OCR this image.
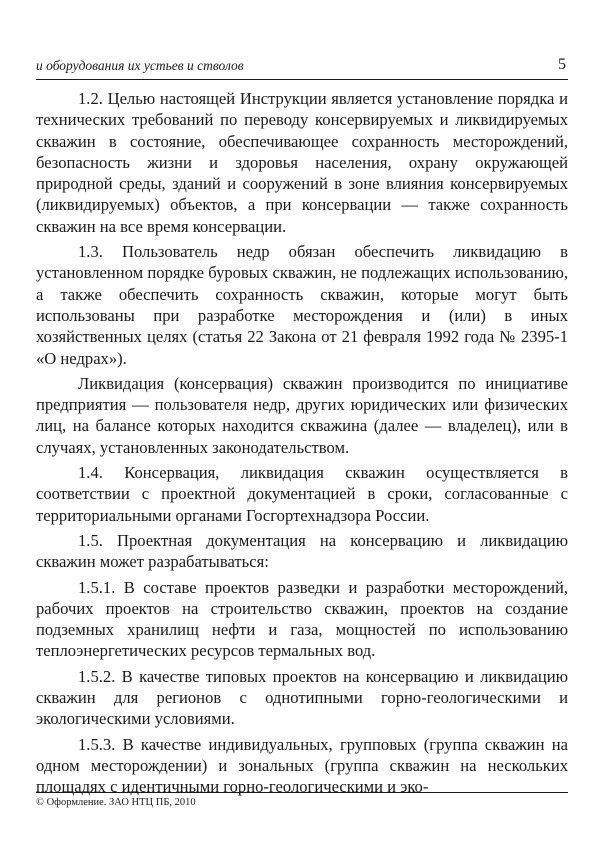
и оборудования их устьев и стволов	5

1.2. Целью настоящей Инструкции является установление порядка и технических требований по переводу консервируемых и ликвидируемых скважин в состояние, обеспечивающее сохранность месторождений, безопасность жизни и здоровья населения, охрану окружающей природной среды, зданий и сооружений в зоне влияния консервируемых (ликвидируемых) объектов, а при консервации — также сохранность скважин на все время консервации.

1.3. Пользователь недр обязан обеспечить ликвидацию в установленном порядке буровых скважин, не подлежащих использованию, а также обеспечить сохранность скважин, которые могут быть использованы при разработке месторождения и (или) в иных хозяйственных целях (статья 22 Закона от 21 февраля 1992 года № 2395-1 «О недрах»).

Ликвидация (консервация) скважин производится по инициативе предприятия — пользователя недр, других юридических или физических лиц, на балансе которых находится скважина (далее — владелец), или в случаях, установленных законодательством.

1.4. Консервация, ликвидация скважин осуществляется в соответствии с проектной документацией в сроки, согласованные с территориальными органами Госгортехнадзора России.

1.5. Проектная документация на консервацию и ликвидацию скважин может разрабатываться:

1.5.1. В составе проектов разведки и разработки месторождений, рабочих проектов на строительство скважин, проектов на создание подземных хранилищ нефти и газа, мощностей по использованию теплоэнергетических ресурсов термальных вод.

1.5.2. В качестве типовых проектов на консервацию и ликвидацию скважин для регионов с однотипными горно-геологическими и экологическими условиями.

1.5.3. В качестве индивидуальных, групповых (группа скважин на одном месторождении) и зональных (группа скважин на нескольких площадях с идентичными горно-геологическими и эко-

© Оформление. ЗАО НТЦ ПБ, 2010
